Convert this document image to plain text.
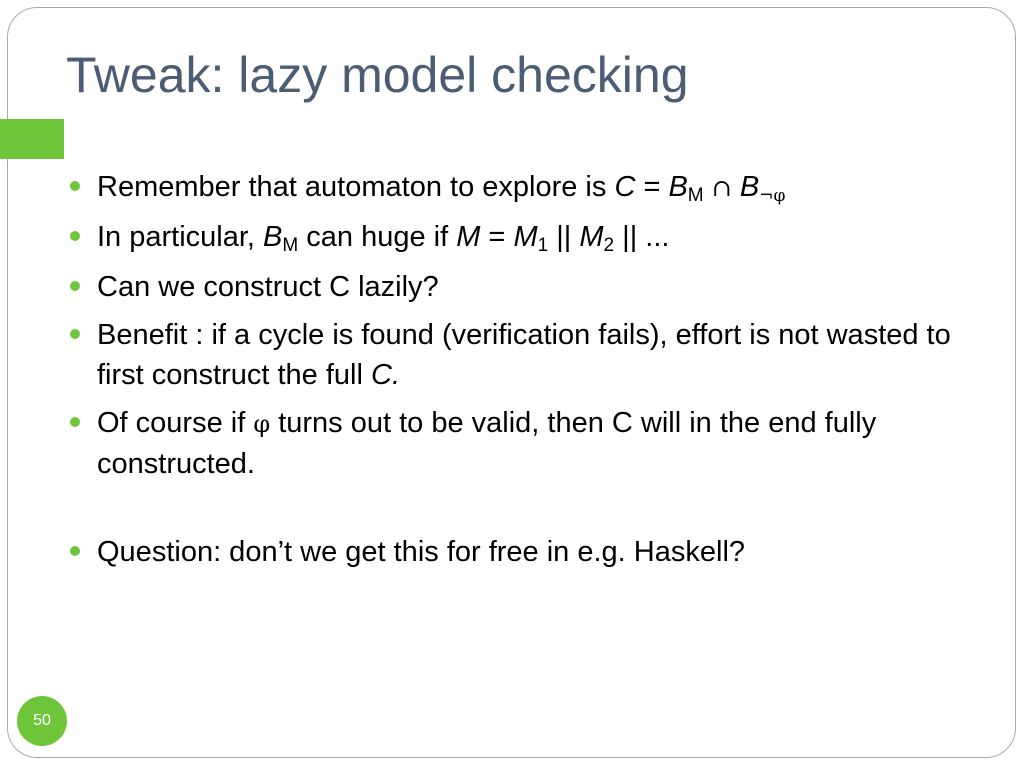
Tweak: lazy model checking
Remember that automaton to explore is $C = B_M$ ∩ B¬φ
In particular, $B_M$ can huge if $M = M_1$ || $M_2$ || ...
Can we construct C lazily?
Benefit : if a cycle is found (verification fails), effort is not wasted to first construct the full C.
Of course if φ turns out to be valid, then C will in the end fully constructed.
Question: don’t we get this for free in e.g. Haskell?
50
